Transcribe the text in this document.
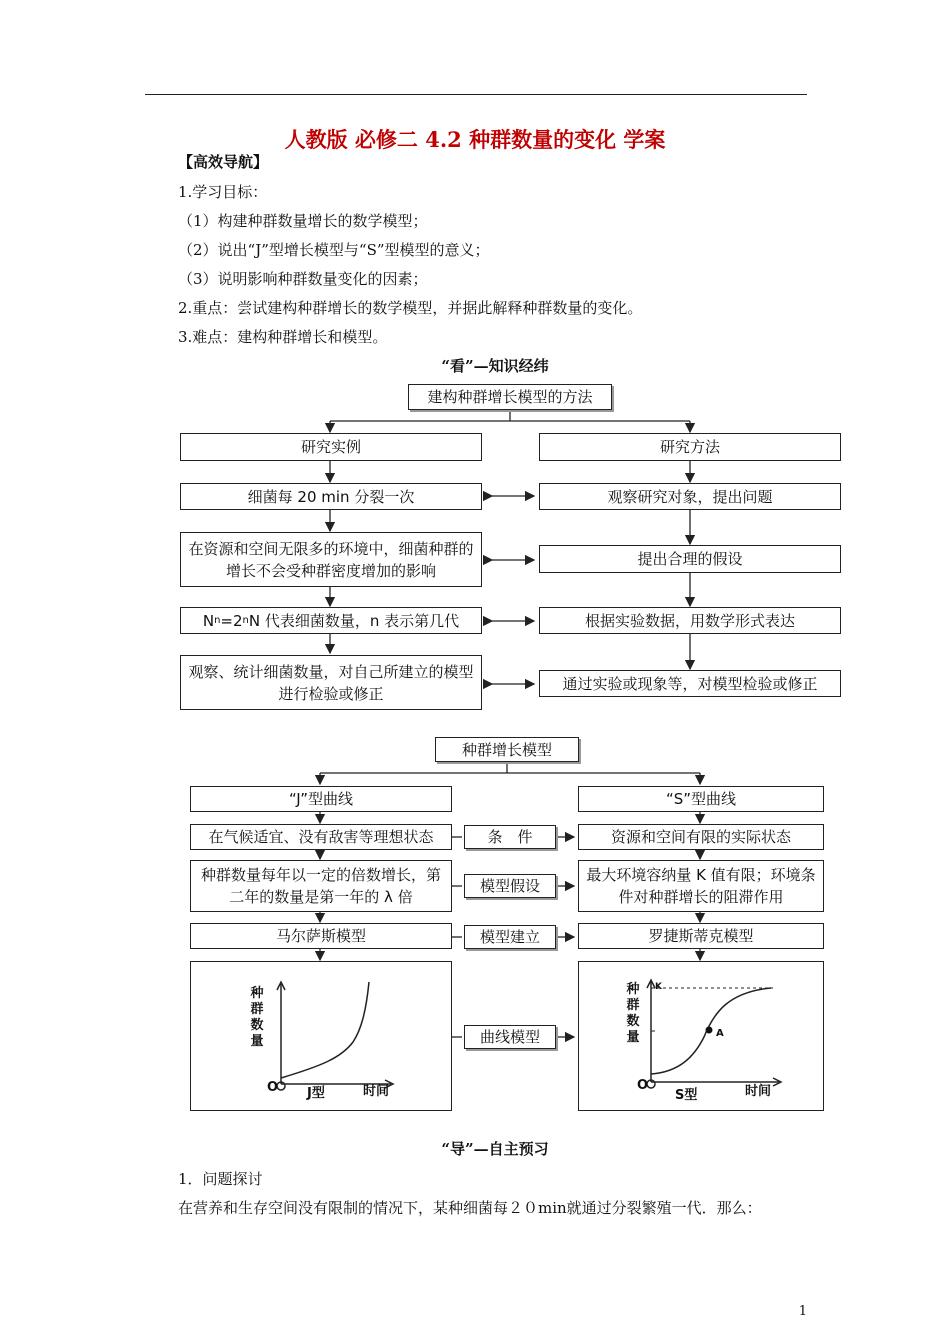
人教版 必修二 4.2 种群数量的变化 学案
【高效导航】
1.学习目标：
（1）构建种群数量增长的数学模型；
（2）说出“J”型增长模型与“S”型模型的意义；
（3）说明影响种群数量变化的因素；
2.重点：尝试建构种群增长的数学模型，并据此解释种群数量的变化。
3.难点：建构种群增长和模型。
“看”—知识经纬
建构种群增长模型的方法
研究实例	研究方法
细菌每 20 min 分裂一次
在资源和空间无限多的环境中，细菌种群的增长不会受种群密度增加的影响
N n =2 n N 代表细菌数量，n 表示第几代
观察、统计细菌数量，对自己所建立的模型进行检验或修正
观察研究对象，提出问题
提出合理的假设
根据实验数据，用数学形式表达
通过实验或现象等，对模型检验或修正
种群增长模型
“J”型曲线	“S”型曲线
在气候适宜、没有敌害等理想状态	资源和空间有限的实际状态
种群数量每年以一定的倍数增长，第二年的数量是第一年的 λ 倍
最大环境容纳量 K 值有限；环境条件对种群增长的阻滞作用
马尔萨斯模型	罗捷斯蒂克模型
条　件
模型假设
模型建立
曲线模型
种群数量
O J型	时间
种群数量
K
A
O
S型	时间
“导”—自主预习
1．问题探讨
在营养和生存空间没有限制的情况下，某种细菌每２０min就通过分裂繁殖一代．那么：
1
